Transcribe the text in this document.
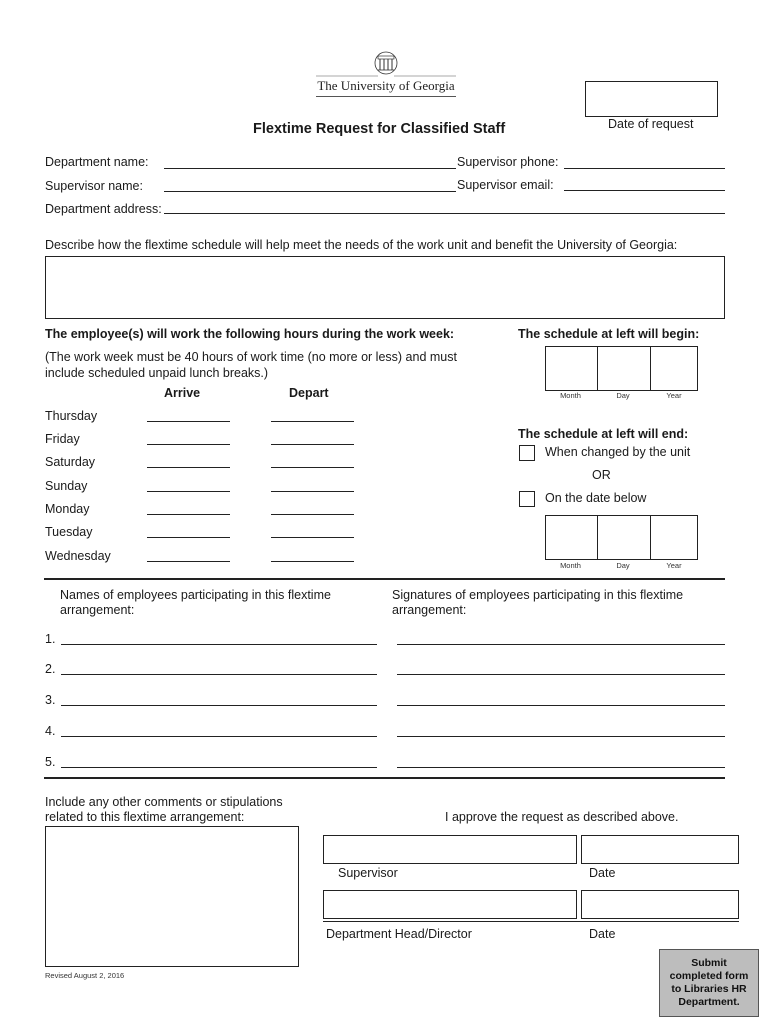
The University of Georgia
Date of request
Flextime Request for Classified Staff
Department name:	Supervisor phone:
Supervisor name:	Supervisor email:
Department address:
Describe how the flextime schedule will help meet the needs of the work unit and benefit the University of Georgia:
The employee(s) will work the following hours during the work week:
(The work week must be 40 hours of work time (no more or less) and must include scheduled unpaid lunch breaks.)
Arrive	Depart
Thursday
Friday
Saturday
Sunday
Monday
Tuesday
Wednesday
The schedule at left will begin:
Month	Day	Year
The schedule at left will end:
When changed by the unit
OR
On the date below
Month	Day	Year
Names of employees participating in this flextime arrangement:
Signatures of employees participating in this flextime arrangement:
1.
2.
3.
4.
5.
Include any other comments or stipulations related to this flextime arrangement:	I approve the request as described above.
Supervisor	Date
Department Head/Director	Date
Revised August 2, 2016
Submit completed form to Libraries HR Department.
